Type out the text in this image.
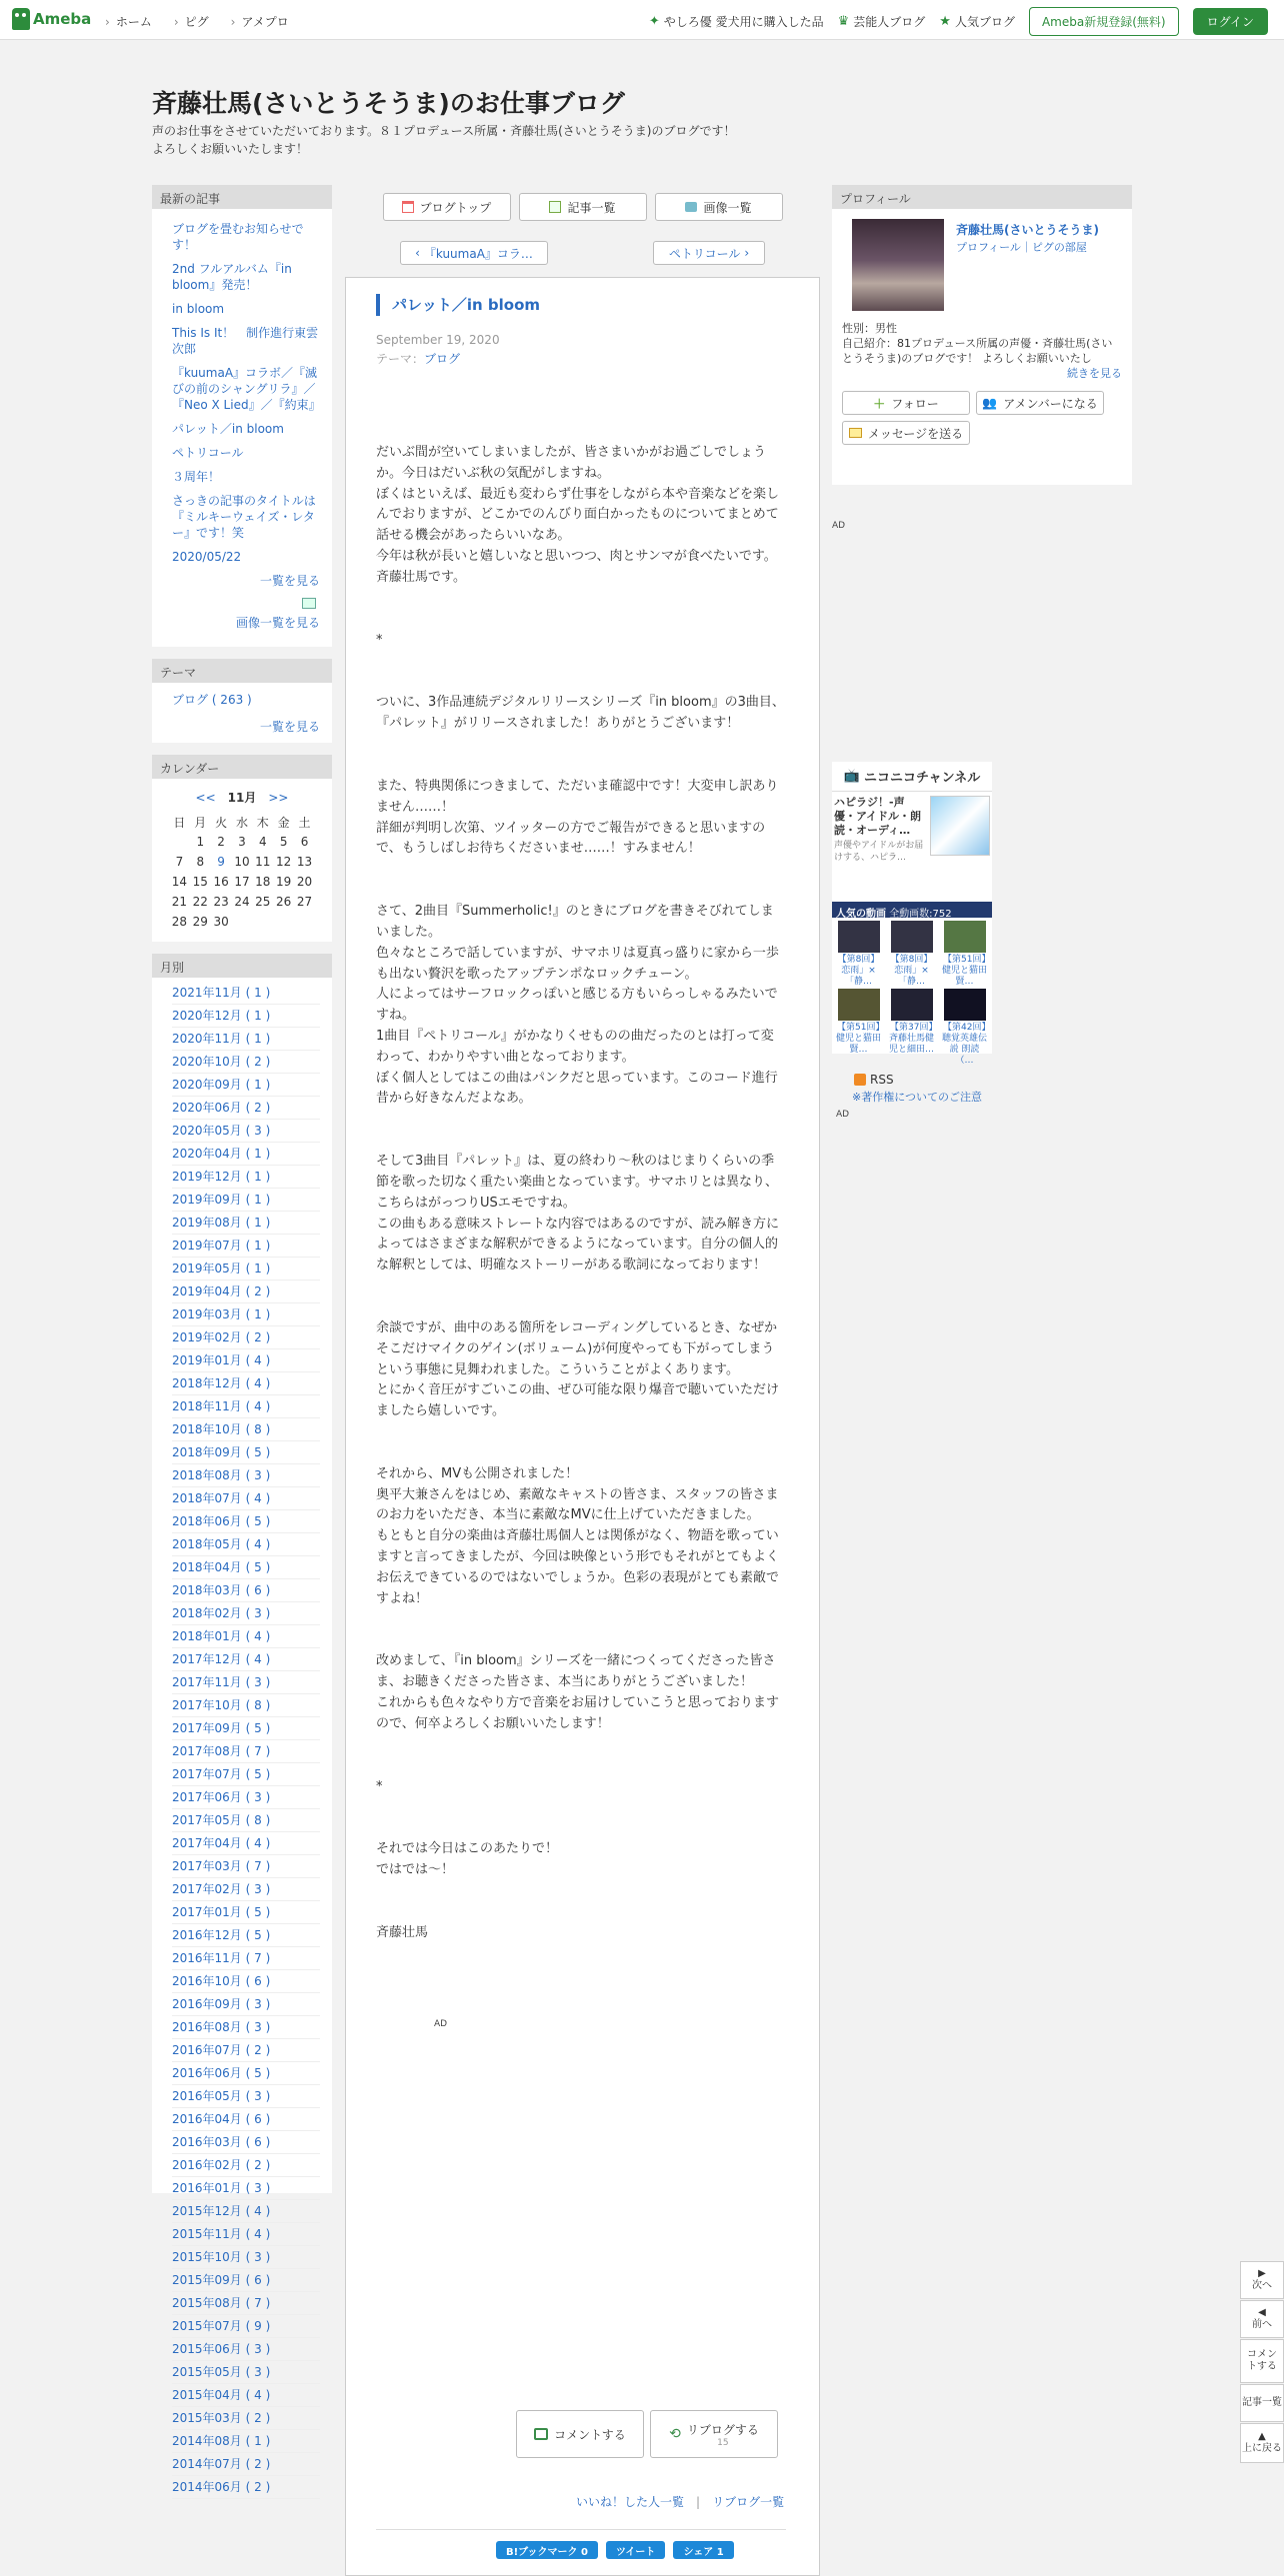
Ameba	› ホーム	› ピグ	› アメプロ	✦ やしろ優 愛犬用に購入した品 ♛ 芸能人ブログ ★ 人気ブログ	Ameba新規登録(無料)	ログイン
斉藤壮馬(さいとうそうま)のお仕事ブログ

声のお仕事をさせていただいております。８１プロデュース所属・斉藤壮馬(さいとうそうま)のブログです！
よろしくお願いいたします！

最新の記事
ブログを畳むお知らせです！
2nd フルアルバム『in bloom』発売！
in bloom
This Is It！　制作進行東雲次郎
『kuumaA』コラボ／『滅びの前のシャングリラ』／『Neo X Lied』／『約束』
パレット／in bloom
ペトリコール
３周年！
さっきの記事のタイトルは『ミルキーウェイズ・レター』です！笑
2020/05/22
一覧を見る
画像一覧を見る
テーマ
ブログ ( 263 )
一覧を見る
カレンダー
<< 11月 >>
日	月	火	水	木	金	土
	1	2	3	4	5	6
7	8	9	10	11	12	13
14	15	16	17	18	19	20
21	22	23	24	25	26	27
28	29	30				
月別
2021年11月 ( 1 )
2020年12月 ( 1 )
2020年11月 ( 1 )
2020年10月 ( 2 )
2020年09月 ( 1 )
2020年06月 ( 2 )
2020年05月 ( 3 )
2020年04月 ( 1 )
2019年12月 ( 1 )
2019年09月 ( 1 )
2019年08月 ( 1 )
2019年07月 ( 1 )
2019年05月 ( 1 )
2019年04月 ( 2 )
2019年03月 ( 1 )
2019年02月 ( 2 )
2019年01月 ( 4 )
2018年12月 ( 4 )
2018年11月 ( 4 )
2018年10月 ( 8 )
2018年09月 ( 5 )
2018年08月 ( 3 )
2018年07月 ( 4 )
2018年06月 ( 5 )
2018年05月 ( 4 )
2018年04月 ( 5 )
2018年03月 ( 6 )
2018年02月 ( 3 )
2018年01月 ( 4 )
2017年12月 ( 4 )
2017年11月 ( 3 )
2017年10月 ( 8 )
2017年09月 ( 5 )
2017年08月 ( 7 )
2017年07月 ( 5 )
2017年06月 ( 3 )
2017年05月 ( 8 )
2017年04月 ( 4 )
2017年03月 ( 7 )
2017年02月 ( 3 )
2017年01月 ( 5 )
2016年12月 ( 5 )
2016年11月 ( 7 )
2016年10月 ( 6 )
2016年09月 ( 3 )
2016年08月 ( 3 )
2016年07月 ( 2 )
2016年06月 ( 5 )
2016年05月 ( 3 )
2016年04月 ( 6 )
2016年03月 ( 6 )
2016年02月 ( 2 )
2016年01月 ( 3 )
2015年12月 ( 4 )
2015年11月 ( 4 )
2015年10月 ( 3 )
2015年09月 ( 6 )
2015年08月 ( 7 )
2015年07月 ( 9 )
2015年06月 ( 3 )
2015年05月 ( 3 )
2015年04月 ( 4 )
2015年03月 ( 2 )
2014年08月 ( 1 )
2014年07月 ( 2 )
2014年06月 ( 2 )
ブログトップ	記事一覧	画像一覧
‹ 『kuumaA』コラ…	ペトリコール ›
パレット／in bloom
September 19, 2020
テーマ：ブログ

だいぶ間が空いてしまいましたが、皆さまいかがお過ごしでしょうか。今日はだいぶ秋の気配がしますね。
ぼくはといえば、最近も変わらず仕事をしながら本や音楽などを楽しんでおりますが、どこかでのんびり面白かったものについてまとめて話せる機会があったらいいなあ。
今年は秋が長いと嬉しいなと思いつつ、肉とサンマが食べたいです。斉藤壮馬です。

*

ついに、3作品連続デジタルリリースシリーズ『in bloom』の3曲目、『パレット』がリリースされました！ありがとうございます！

また、特典関係につきまして、ただいま確認中です！大変申し訳ありません……！
詳細が判明し次第、ツイッターの方でご報告ができると思いますので、もうしばしお待ちくださいませ……！すみません！

さて、2曲目『Summerholic!』のときにブログを書きそびれてしまいました。
色々なところで話していますが、サマホリは夏真っ盛りに家から一歩も出ない贅沢を歌ったアップテンポなロックチューン。
人によってはサーフロックっぽいと感じる方もいらっしゃるみたいですね。
1曲目『ペトリコール』がかなりくせものの曲だったのとは打って変わって、わかりやすい曲となっております。
ぼく個人としてはこの曲はパンクだと思っています。このコード進行昔から好きなんだよなあ。

そして3曲目『パレット』は、夏の終わり〜秋のはじまりくらいの季節を歌った切なく重たい楽曲となっています。サマホリとは異なり、こちらはがっつりUSエモですね。
この曲もある意味ストレートな内容ではあるのですが、読み解き方によってはさまざまな解釈ができるようになっています。自分の個人的な解釈としては、明確なストーリーがある歌詞になっております！

余談ですが、曲中のある箇所をレコーディングしているとき、なぜかそこだけマイクのゲイン(ボリューム)が何度やっても下がってしまうという事態に見舞われました。こういうことがよくあります。
とにかく音圧がすごいこの曲、ぜひ可能な限り爆音で聴いていただけましたら嬉しいです。

それから、MVも公開されました！
奥平大兼さんをはじめ、素敵なキャストの皆さま、スタッフの皆さまのお力をいただき、本当に素敵なMVに仕上げていただきました。
もともと自分の楽曲は斉藤壮馬個人とは関係がなく、物語を歌っていますと言ってきましたが、今回は映像という形でもそれがとてもよくお伝えできているのではないでしょうか。色彩の表現がとても素敵ですよね！

改めまして、『in bloom』シリーズを一緒につくってくださった皆さま、お聴きくださった皆さま、本当にありがとうございました！
これからも色々なやり方で音楽をお届けしていこうと思っておりますので、何卒よろしくお願いいたします！

*

それでは今日はこのあたりで！
ではでは～！

斉藤壮馬

AD

コメントする	⟲ リブログする
15
いいね！した人一覧 | リブログ一覧
B!ブックマーク 0	ツイート	シェア 1
プロフィール
斉藤壮馬(さいとうそうま)
プロフィール｜ピグの部屋
性別：男性
自己紹介：81プロデュース所属の声優・斉藤壮馬(さいとうそうま)のブログです！ よろしくお願いいたし
続きを見る
＋ フォロー	👥 アメンバーになる
メッセージを送る
AD
📺 ニコニコチャンネル
ハピラジ！-声優・アイドル・朗読・オーディ…
声優やアイドルがお届けする、ハピラ…
人気の動画 全動画数:752
【第8回】恋雨」×「静…
【第8回】恋雨」×「静…
【第51回】健児と猫田賢…
【第51回】健児と猫田賢…
【第37回】斉藤壮馬健児と細田…
【第42回】聴覚英雄伝説 朗読（…
RSS
※著作権についてのご注意
AD
▶
次へ
◀
前へ
コメントする
記事一覧
▲
上に戻る
